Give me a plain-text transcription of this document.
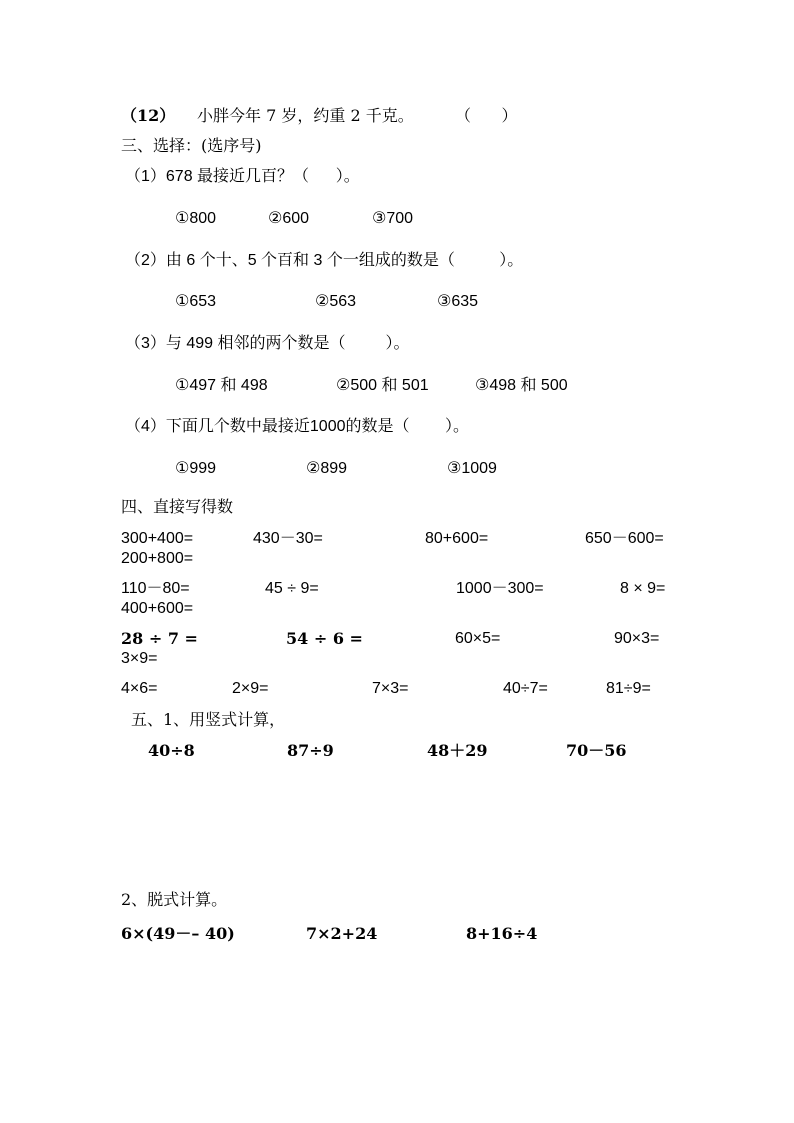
（12） 小胖今年 7 岁，约重 2 千克。	（      ）
三、选择：(选序号)
（1）678 最接近几百？（      ）。
①800	②600	③700
（2）由 6 个十、5 个百和 3 个一组成的数是（          ）。
①653	②563	③635
（3）与 499 相邻的两个数是（         ）。
①497 和 498	②500 和 501	③498 和 500
（4）下面几个数中最接近1000的数是（        ）。
①999	②899	③1009
四、直接写得数
300+400=	430－30=	80+600=	650－600=
200+800=
110－80=	45 ÷ 9=	1000－300=	8 × 9=
400+600=
28 ÷ 7 =	54 ÷ 6 =	60×5=	90×3=
3×9=
4×6=	2×9=	7×3=	40÷7=	81÷9=
五、1、用竖式计算，
40÷8	87÷9	48＋29	70－56
2、脱式计算。
6×(49－– 40)	7×2+24	8+16÷4
